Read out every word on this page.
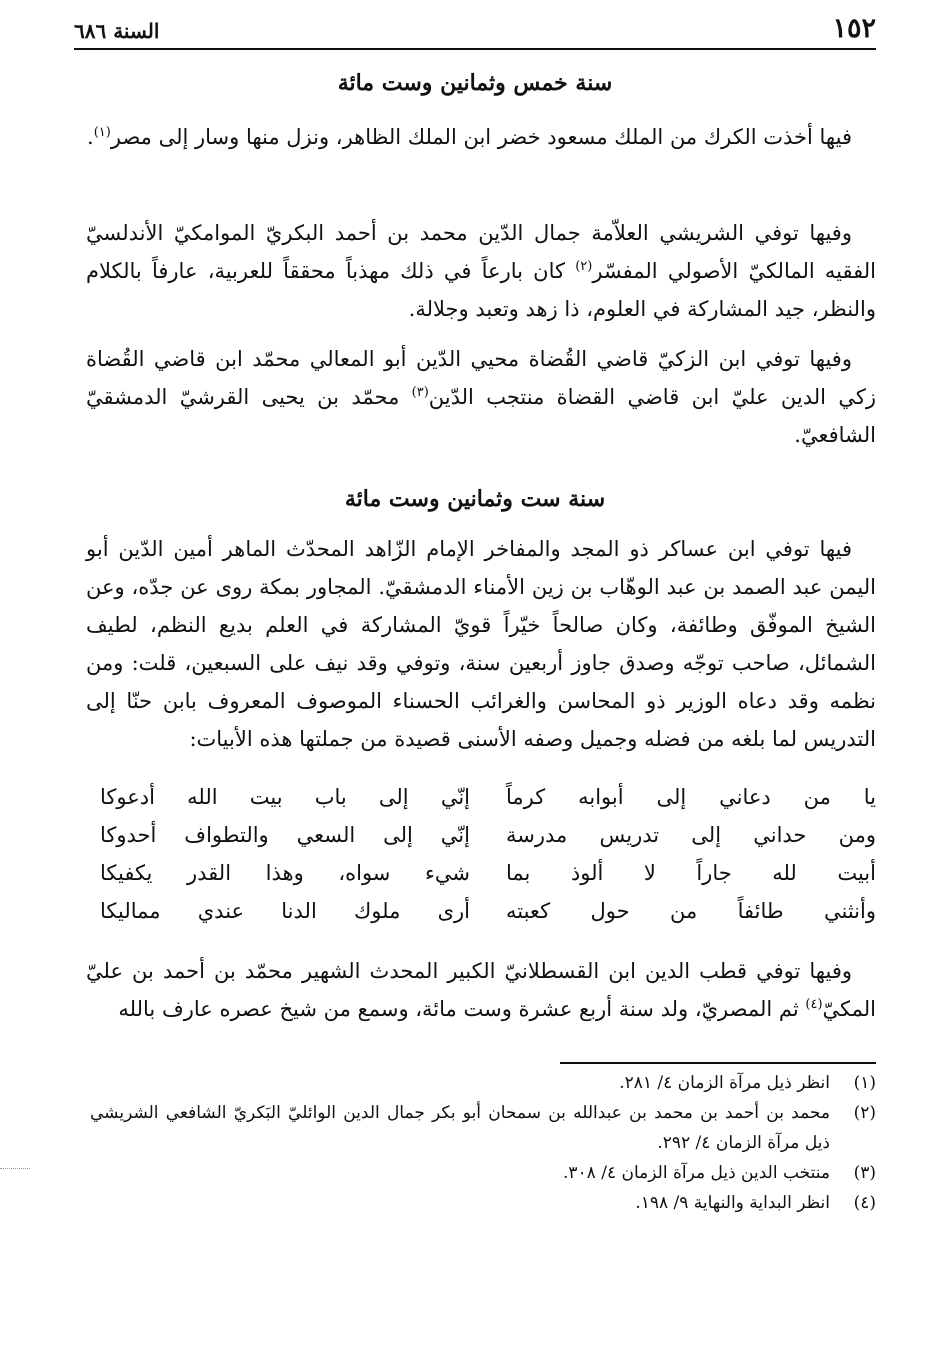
١٥٢
السنة ٦٨٦
سنة خمس وثمانين وست مائة

فيها أخذت الكرك من الملك مسعود خضر ابن الملك الظاهر، ونزل منها وسار إلى مصر$^{(١)}$.

وفيها توفي الشريشي العلاّمة جمال الدّين محمد بن أحمد البكريّ الموامكيّ الأندلسيّ الفقيه المالكيّ الأصولي المفسّر$^{(٢)}$ كان بارعاً في ذلك مهذباً محققاً للعربية، عارفاً بالكلام والنظر، جيد المشاركة في العلوم، ذا زهد وتعبد وجلالة.

وفيها توفي ابن الزكيّ قاضي القُضاة محيي الدّين أبو المعالي محمّد ابن قاضي القُضاة زكي الدين عليّ ابن قاضي القضاة منتجب الدّين$^{(٣)}$ محمّد بن يحيى القرشيّ الدمشقيّ الشافعيّ.

سنة ست وثمانين وست مائة

فيها توفي ابن عساكر ذو المجد والمفاخر الإمام الزّاهد المحدّث الماهر أمين الدّين أبو اليمن عبد الصمد بن عبد الوهّاب بن زين الأمناء الدمشقيّ. المجاور بمكة روى عن جدّه، وعن الشيخ الموفّق وطائفة، وكان صالحاً خيّراً قويّ المشاركة في العلم بديع النظم، لطيف الشمائل، صاحب توجّه وصدق جاوز أربعين سنة، وتوفي وقد نيف على السبعين، قلت: ومن نظمه وقد دعاه الوزير ذو المحاسن والغرائب الحسناء الموصوف المعروف بابن حنّا إلى التدريس لما بلغه من فضله وجميل وصفه الأسنى قصيدة من جملتها هذه الأبيات:

يا من دعاني إلى أبوابه كرماً
إنّي إلى باب بيت الله أدعوكا
ومن حداني إلى تدريس مدرسة
إنّي إلى السعي والتطواف أحدوكا
أبيت لله جاراً لا ألوذ بما
شيء سواه، وهذا القدر يكفيكا
وأنثني طائفاً من حول كعبته
أرى ملوك الدنا عندي مماليكا

وفيها توفي قطب الدين ابن القسطلانيّ الكبير المحدث الشهير محمّد بن أحمد بن عليّ المكيّ$^{(٤)}$ ثم المصريّ، ولد سنة أربع عشرة وست مائة، وسمع من شيخ عصره عارف بالله

(١)
انظر ذيل مرآة الزمان ٤/ ٢٨١.
(٢)
محمد بن أحمد بن محمد بن عبدالله بن سمحان أبو بكر جمال الدين الوائليّ البَكريّ الشافعي الشريشي ذيل مرآة الزمان ٤/ ٢٩٢.
(٣)
منتخب الدين ذيل مرآة الزمان ٤/ ٣٠٨.
(٤)
انظر البداية والنهاية ٩/ ١٩٨.
